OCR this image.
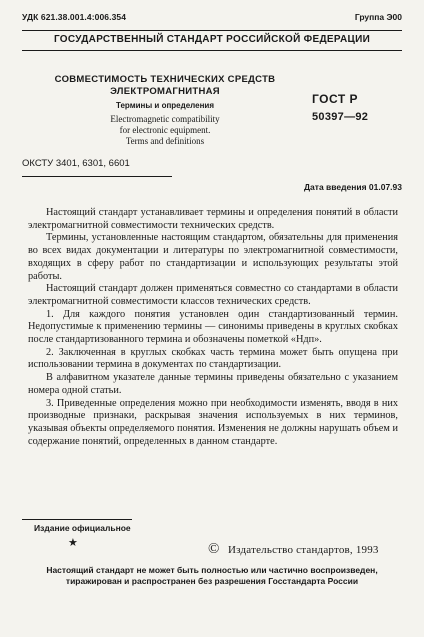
УДК 621.38.001.4:006.354	Группа Э00
ГОСУДАРСТВЕННЫЙ СТАНДАРТ РОССИЙСКОЙ ФЕДЕРАЦИИ
СОВМЕСТИМОСТЬ ТЕХНИЧЕСКИХ СРЕДСТВ
ЭЛЕКТРОМАГНИТНАЯ
Термины и определения
Electromagnetic compatibility
for electronic equipment.
Terms and definitions
ГОСТ Р
50397—92
ОКСТУ 3401, 6301, 6601
Дата введения 01.07.93

Настоящий стандарт устанавливает термины и определения понятий в области электромагнитной совместимости технических средств.

Термины, установленные настоящим стандартом, обязательны для применения во всех видах документации и литературы по электромагнитной совместимости, входящих в сферу работ по стандартизации и использующих результаты этой работы.

Настоящий стандарт должен применяться совместно со стандартами в области электромагнитной совместимости классов технических средств.

1. Для каждого понятия установлен один стандартизованный термин. Недопустимые к применению термины — синонимы приведены в круглых скобках после стандартизованного термина и обозначены пометкой «Ндп».

2. Заключенная в круглых скобках часть термина может быть опущена при использовании термина в документах по стандартизации.

В алфавитном указателе данные термины приведены обязательно с указанием номера одной статьи.

3. Приведенные определения можно при необходимости изменять, вводя в них производные признаки, раскрывая значения используемых в них терминов, указывая объекты определяемого понятия. Изменения не должны нарушать объем и содержание понятий, определенных в данном стандарте.

Издание официальное
★	© Издательство стандартов, 1993
Настоящий стандарт не может быть полностью или частично воспроизведен,
тиражирован и распространен без разрешения Госстандарта России
